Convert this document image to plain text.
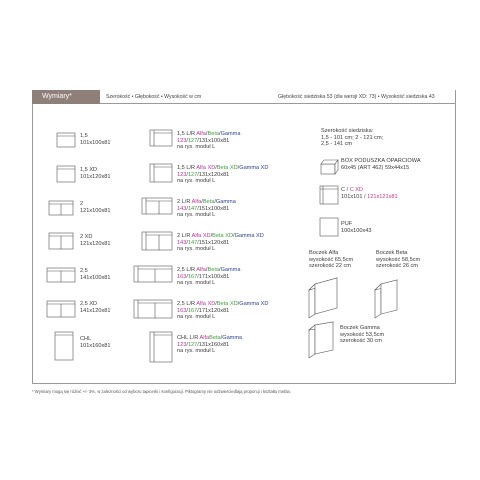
Wymiary*	Szerokość • Głębokość • Wysokość w cm	Głębokość siedziska 53 (dla wersji XD: 73) • Wysokość siedziska 43
1,5
101x100x81
1,5 XD
101x120x81
2
121x100x81
2 XD
121x120x81
2,5
141x100x81
2,5 XD
141x120x81
CHL
101x160x81
1,5 L/R Alfa/Beta/Gamma
123/127/131x100x81
na rys. moduł L
1,5 L/R Alfa XD/Beta XD/Gamma XD
123/127/131x120x81
na rys. moduł L
2 L/R Alfa/Beta/Gamma
143/147/151x100x81
na rys. moduł L
2 L/R Alfa XD/Beta XD/Gamma XD
143/147/151x120x81
na rys. moduł L
2,5 L/R Alfa/Beta/Gamma
163/167/171x100x81
na rys. moduł L
2,5 L/R Alfa XD/Beta XD/Gamma XD
163/167/171x120x81
na rys. moduł L
CHL L/R AlfaBeta/Gamma
123/127/131x160x81
na rys. moduł L
Szerokość siedziska:
1,5 - 101 cm; 2 - 121 cm;
2,5 - 141 cm
BOX PODUSZKA OPARCIOWA
60x45 (ART 462) 59x44x15
C / C XD
101x101 / 121x121x81
PUF
100x100x43
Boczek Alfa
wysokość 65,5cm
szerokość 22 cm
Boczek Beta
wysokość 58,5cm
szerokość 26 cm
Boczek Gamma
wysokość 53,5cm
szerokość 30 cm
* Wymiary mogą się różnić +/- 3%, w zależności od wyboru tapicerki i konfiguracji. Piktogramy nie odzwierciedlają proporcji i kształtu mebla.
